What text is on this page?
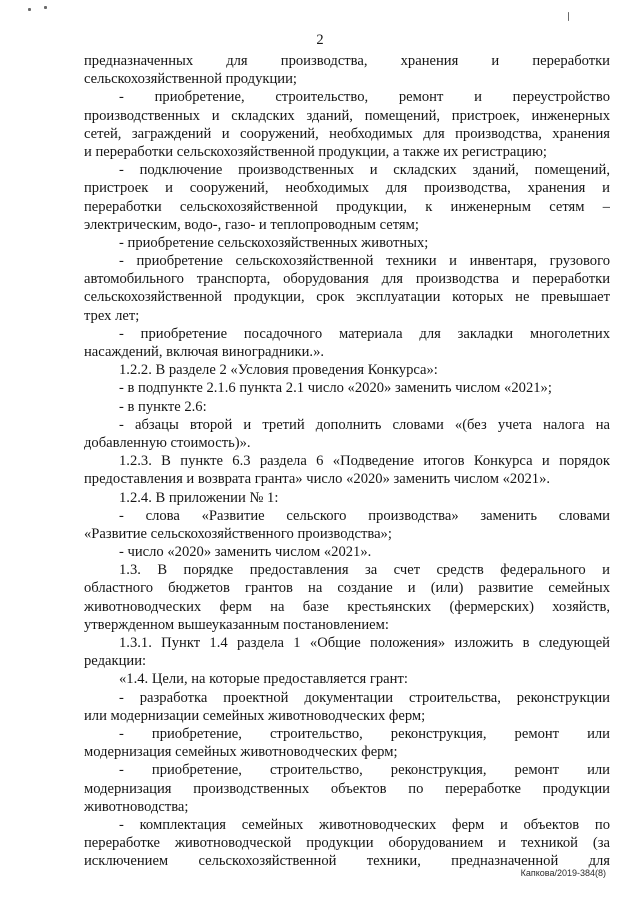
2
предназначенных для производства, хранения и переработки
сельскохозяйственной продукции;
- приобретение, строительство, ремонт и переустройство
производственных и складских зданий, помещений, пристроек, инженерных
сетей, заграждений и сооружений, необходимых для производства, хранения
и переработки сельскохозяйственной продукции, а также их регистрацию;
- подключение производственных и складских зданий, помещений,
пристроек и сооружений, необходимых для производства, хранения и
переработки сельскохозяйственной продукции, к инженерным сетям –
электрическим, водо-, газо- и теплопроводным сетям;
- приобретение сельскохозяйственных животных;
- приобретение сельскохозяйственной техники и инвентаря, грузового
автомобильного транспорта, оборудования для производства и переработки
сельскохозяйственной продукции, срок эксплуатации которых не превышает
трех лет;
- приобретение посадочного материала для закладки многолетних
насаждений, включая виноградники.».
1.2.2. В разделе 2 «Условия проведения Конкурса»:
- в подпункте 2.1.6 пункта 2.1 число «2020» заменить числом «2021»;
- в пункте 2.6:
- абзацы второй и третий дополнить словами «(без учета налога на
добавленную стоимость)».
1.2.3. В пункте 6.3 раздела 6 «Подведение итогов Конкурса и порядок
предоставления и возврата гранта» число «2020» заменить числом «2021».
1.2.4. В приложении № 1:
- слова «Развитие сельского производства» заменить словами
«Развитие сельскохозяйственного производства»;
- число «2020» заменить числом «2021».
1.3. В порядке предоставления за счет средств федерального и
областного бюджетов грантов на создание и (или) развитие семейных
животноводческих ферм на базе крестьянских (фермерских) хозяйств,
утвержденном вышеуказанным постановлением:
1.3.1. Пункт 1.4 раздела 1 «Общие положения» изложить в следующей
редакции:
«1.4. Цели, на которые предоставляется грант:
- разработка проектной документации строительства, реконструкции
или модернизации семейных животноводческих ферм;
- приобретение, строительство, реконструкция, ремонт или
модернизация семейных животноводческих ферм;
- приобретение, строительство, реконструкция, ремонт или
модернизация производственных объектов по переработке продукции
животноводства;
- комплектация семейных животноводческих ферм и объектов по
переработке животноводческой продукции оборудованием и техникой (за
исключением сельскохозяйственной техники, предназначенной для
Капкова/2019-384(8)
